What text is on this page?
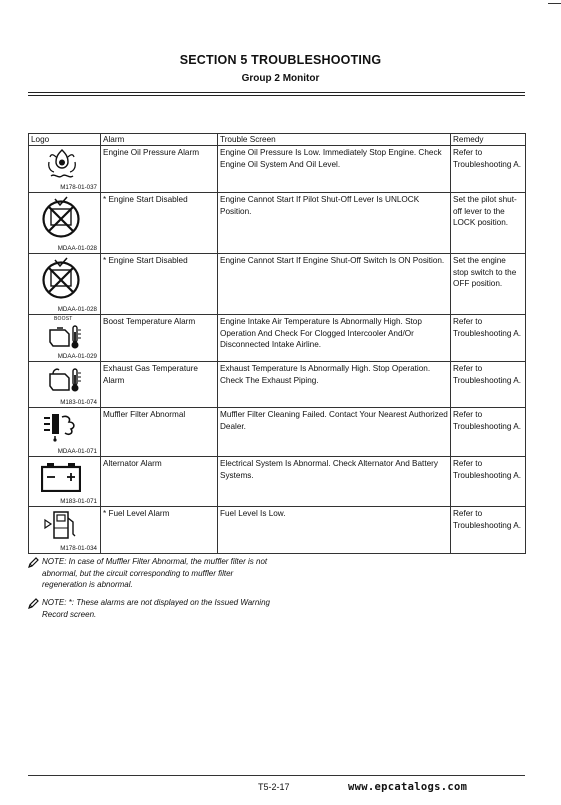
SECTION 5 TROUBLESHOOTING
Group 2 Monitor
Logo	Alarm	Trouble Screen	Remedy

M178-01-037	Engine Oil Pressure Alarm	Engine Oil Pressure Is Low. Immediately Stop Engine. Check Engine Oil System And Oil Level.	Refer to Troubleshooting A.

MDAA-01-028	* Engine Start Disabled	Engine Cannot Start If Pilot Shut-Off Lever Is UNLOCK Position.	Set the pilot shut-off lever to the LOCK position.

MDAA-01-028	* Engine Start Disabled	Engine Cannot Start If Engine Shut-Off Switch Is ON Position.	Set the engine stop switch to the OFF position.

BOOST
MDAA-01-029	Boost Temperature Alarm	Engine Intake Air Temperature Is Abnormally High. Stop Operation And Check For Clogged Intercooler And/Or Disconnected Intake Airline.	Refer to Troubleshooting A.

M183-01-074	Exhaust Gas Temperature Alarm	Exhaust Temperature Is Abnormally High. Stop Operation. Check The Exhaust Piping.	Refer to Troubleshooting A.

MDAA-01-071	Muffler Filter Abnormal	Muffler Filter Cleaning Failed. Contact Your Nearest Authorized Dealer.	Refer to Troubleshooting A.

M183-01-071	Alternator Alarm	Electrical System Is Abnormal. Check Alternator And Battery Systems.	Refer to Troubleshooting A.

M178-01-034	* Fuel Level Alarm	Fuel Level Is Low.	Refer to Troubleshooting A.
NOTE: In case of Muffler Filter Abnormal, the muffler filter is not abnormal, but the circuit corresponding to muffler filter regeneration is abnormal.
NOTE: *: These alarms are not displayed on the Issued Warning Record screen.
T5-2-17	www.epcatalogs.com
